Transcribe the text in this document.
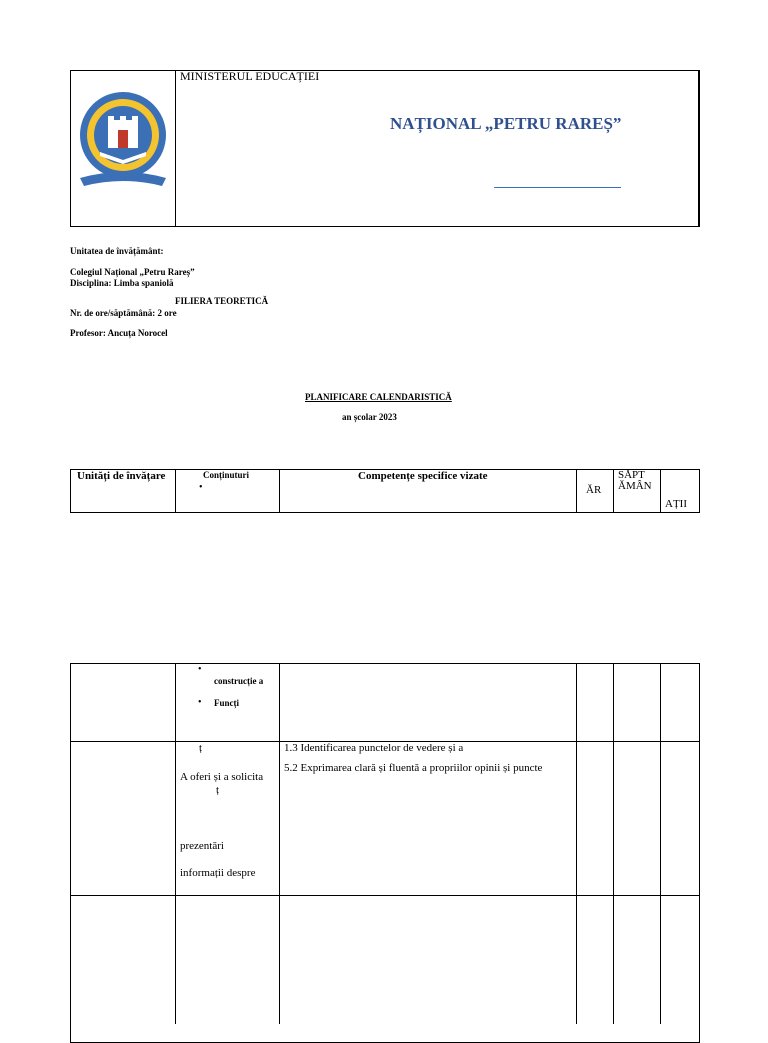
MINISTERUL EDUCAȚIEI
NAȚIONAL „PETRU RAREȘ”
Unitatea de învățământ:
Colegiul Național „Petru Rareș”
Disciplina: Limba spaniolă
FILIERA TEORETICĂ
Nr. de ore/săptămână: 2 ore
Profesor: Ancuța Norocel
PLANIFICARE CALENDARISTICĂ
an școlar 2023
Unități de învățare	Conținuturi
•
Competențe specifice vizate
ĂR
SĂPT ĂMÂN
AȚII
•
construcție a
• Funcți
ț
A oferi și a solicita
ț
prezentări
informații despre
1.3 Identificarea punctelor de vedere și a
5.2 Exprimarea clară și fluentă a propriilor opinii și puncte
